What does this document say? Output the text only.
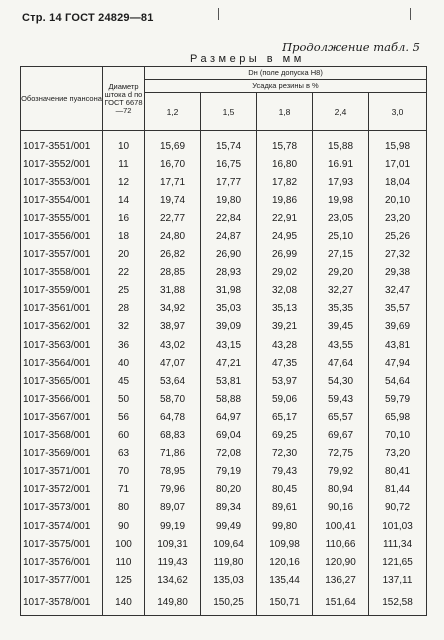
Стр. 14 ГОСТ 24829—81
Продолжение табл. 5
Размеры в мм
Обозначение пуансона	Диаметр штока d по ГОСТ 6678—72	Dн (поле допуска H8)				
		Усадка резины в %				
		1,2	1,5	1,8	2,4	3,0
1017-3551/001	10	15,69	15,74	15,78	15,88	15,98
1017-3552/001	11	16,70	16,75	16,80	16.91	17,01
1017-3553/001	12	17,71	17,77	17,82	17,93	18,04
1017-3554/001	14	19,74	19,80	19,86	19,98	20,10
1017-3555/001	16	22,77	22,84	22,91	23,05	23,20
1017-3556/001	18	24,80	24,87	24,95	25,10	25,26
1017-3557/001	20	26,82	26,90	26,99	27,15	27,32
1017-3558/001	22	28,85	28,93	29,02	29,20	29,38
1017-3559/001	25	31,88	31,98	32,08	32,27	32,47
1017-3561/001	28	34,92	35,03	35,13	35,35	35,57
1017-3562/001	32	38,97	39,09	39,21	39,45	39,69
1017-3563/001	36	43,02	43,15	43,28	43,55	43,81
1017-3564/001	40	47,07	47,21	47,35	47,64	47,94
1017-3565/001	45	53,64	53,81	53,97	54,30	54,64
1017-3566/001	50	58,70	58,88	59,06	59,43	59,79
1017-3567/001	56	64,78	64,97	65,17	65,57	65,98
1017-3568/001	60	68,83	69,04	69,25	69,67	70,10
1017-3569/001	63	71,86	72,08	72,30	72,75	73,20
1017-3571/001	70	78,95	79,19	79,43	79,92	80,41
1017-3572/001	71	79,96	80,20	80,45	80,94	81,44
1017-3573/001	80	89,07	89,34	89,61	90,16	90,72
1017-3574/001	90	99,19	99,49	99,80	100,41	101,03
1017-3575/001	100	109,31	109,64	109,98	110,66	111,34
1017-3576/001	110	119,43	119,80	120,16	120,90	121,65
1017-3577/001	125	134,62	135,03	135,44	136,27	137,11
1017-3578/001	140	149,80	150,25	150,71	151,64	152,58
